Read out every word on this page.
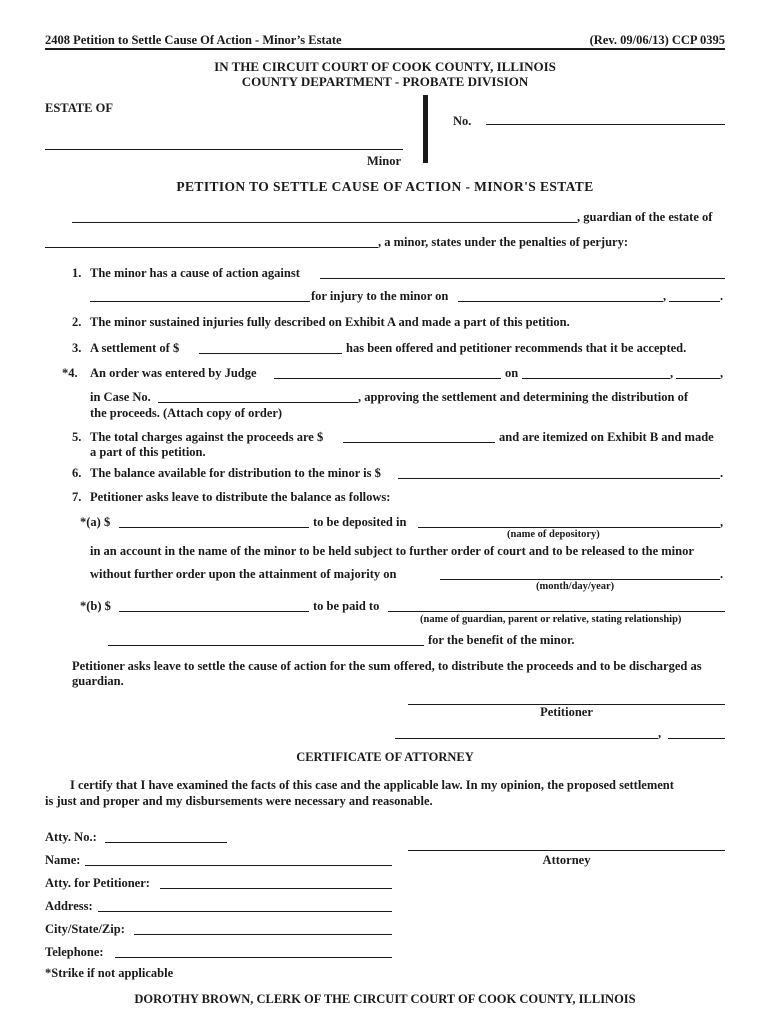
2408 Petition to Settle Cause Of Action - Minor’s Estate	(Rev. 09/06/13) CCP 0395
IN THE CIRCUIT COURT OF COOK COUNTY, ILLINOIS
COUNTY DEPARTMENT - PROBATE DIVISION
ESTATE OF
No.
Minor
PETITION TO SETTLE CAUSE OF ACTION - MINOR'S ESTATE
, guardian of the estate of
, a minor, states under the penalties of perjury:
1. The minor has a cause of action against
for injury to the minor on	,	.
2. The minor sustained injuries fully described on Exhibit A and made a part of this petition.
3. A settlement of $	has been offered and petitioner recommends that it be accepted.
*4. An order was entered by Judge	on	,	,
in Case No.	, approving the settlement and determining the distribution of
the proceeds. (Attach copy of order)
5. The total charges against the proceeds are $	and are itemized on Exhibit B and made
a part of this petition.
6. The balance available for distribution to the minor is $	.
7. Petitioner asks leave to distribute the balance as follows:
*(a) $	to be deposited in	,
(name of depository)
in an account in the name of the minor to be held subject to further order of court and to be released to the minor
without further order upon the attainment of majority on	.
(month/day/year)
*(b) $	to be paid to
(name of guardian, parent or relative, stating relationship)
for the benefit of the minor.
Petitioner asks leave to settle the cause of action for the sum offered, to distribute the proceeds and to be discharged as
guardian.
Petitioner
,
CERTIFICATE OF ATTORNEY
I certify that I have examined the facts of this case and the applicable law. In my opinion, the proposed settlement
is just and proper and my disbursements were necessary and reasonable.
Atty. No.:
Attorney
Name:
Atty. for Petitioner:
Address:
City/State/Zip:
Telephone:
*Strike if not applicable
DOROTHY BROWN, CLERK OF THE CIRCUIT COURT OF COOK COUNTY, ILLINOIS
